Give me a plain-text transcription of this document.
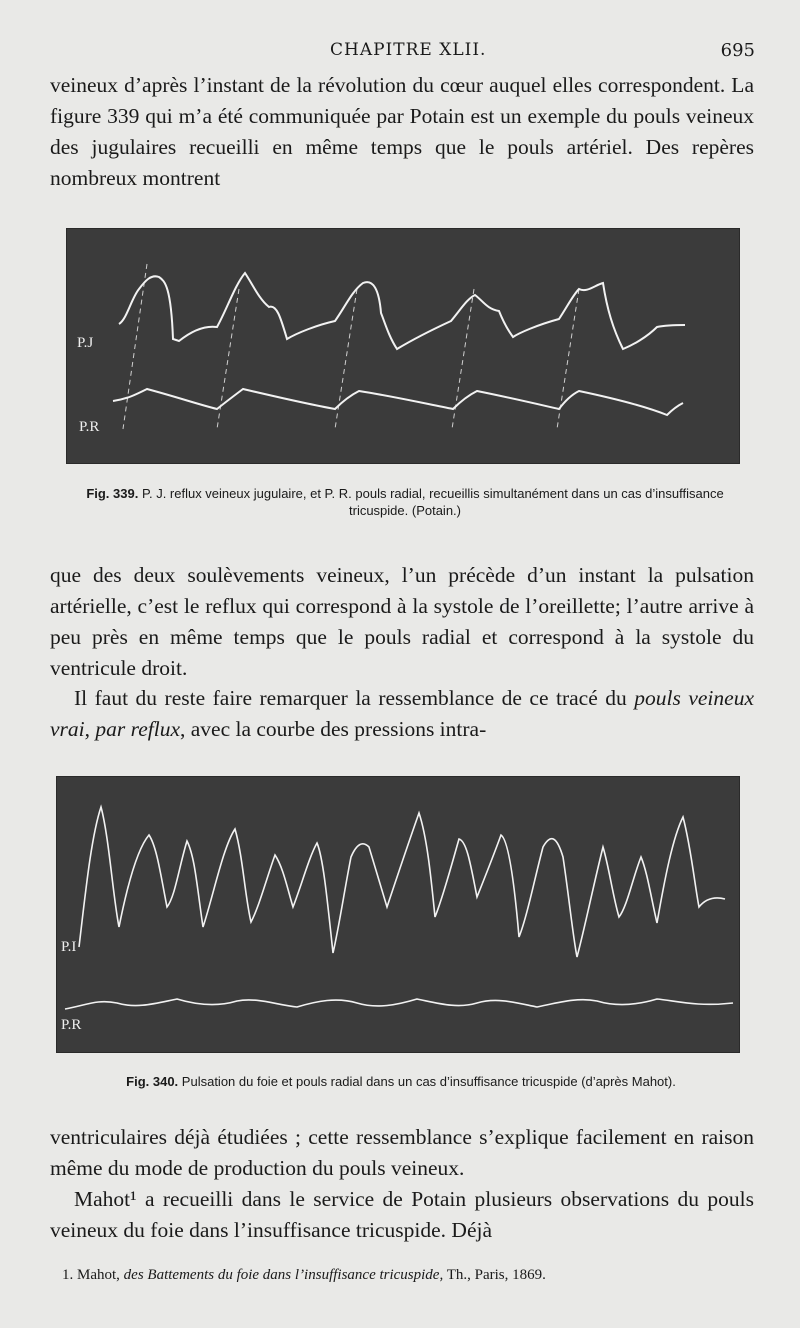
CHAPITRE XLII.	695

veineux d’après l’instant de la révolution du cœur auquel elles correspondent. La figure 339 qui m’a été communiquée par Potain est un exemple du pouls veineux des jugulaires recueilli en même temps que le pouls artériel. Des repères nombreux montrent

P.J
P.R
Fig. 339. P. J. reflux veineux jugulaire, et P. R. pouls radial, recueillis simultanément dans un cas d’insuffisance tricuspide. (Potain.)

que des deux soulèvements veineux, l’un précède d’un instant la pulsation artérielle, c’est le reflux qui correspond à la systole de l’oreillette; l’autre arrive à peu près en même temps que le pouls radial et correspond à la systole du ventricule droit.

Il faut du reste faire remarquer la ressemblance de ce tracé du pouls veineux vrai, par reflux, avec la courbe des pressions intra-

P.I
P.R
Fig. 340. Pulsation du foie et pouls radial dans un cas d’insuffisance tricuspide (d’après Mahot).

ventriculaires déjà étudiées ; cette ressemblance s’explique facilement en raison même du mode de production du pouls veineux.

Mahot¹ a recueilli dans le service de Potain plusieurs observations du pouls veineux du foie dans l’insuffisance tricuspide. Déjà

1. Mahot, des Battements du foie dans l’insuffisance tricuspide, Th., Paris, 1869.
